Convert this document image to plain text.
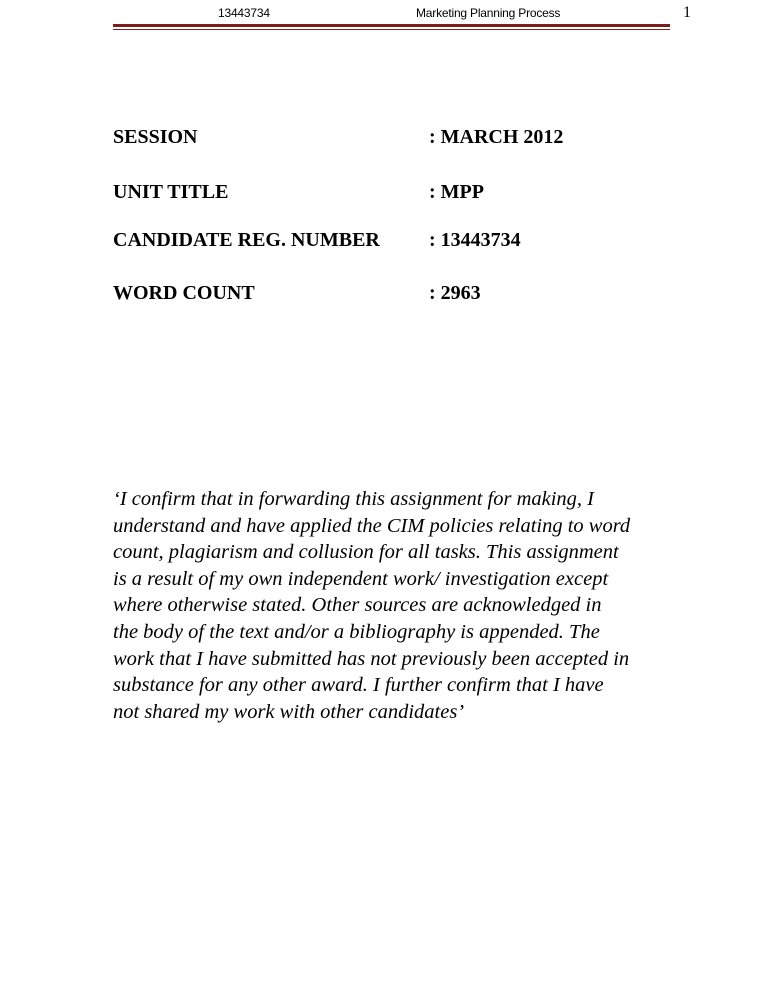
13443734	Marketing Planning Process	1
SESSION	: MARCH 2012
UNIT TITLE	: MPP
CANDIDATE REG. NUMBER : 13443734
WORD COUNT	: 2963

‘I confirm that in forwarding this assignment for making, I
understand and have applied the CIM policies relating to word
count, plagiarism and collusion for all tasks. This assignment
is a result of my own independent work/ investigation except
where otherwise stated. Other sources are acknowledged in
the body of the text and/or a bibliography is appended. The
work that I have submitted has not previously been accepted in
substance for any other award. I further confirm that I have
not shared my work with other candidates’
